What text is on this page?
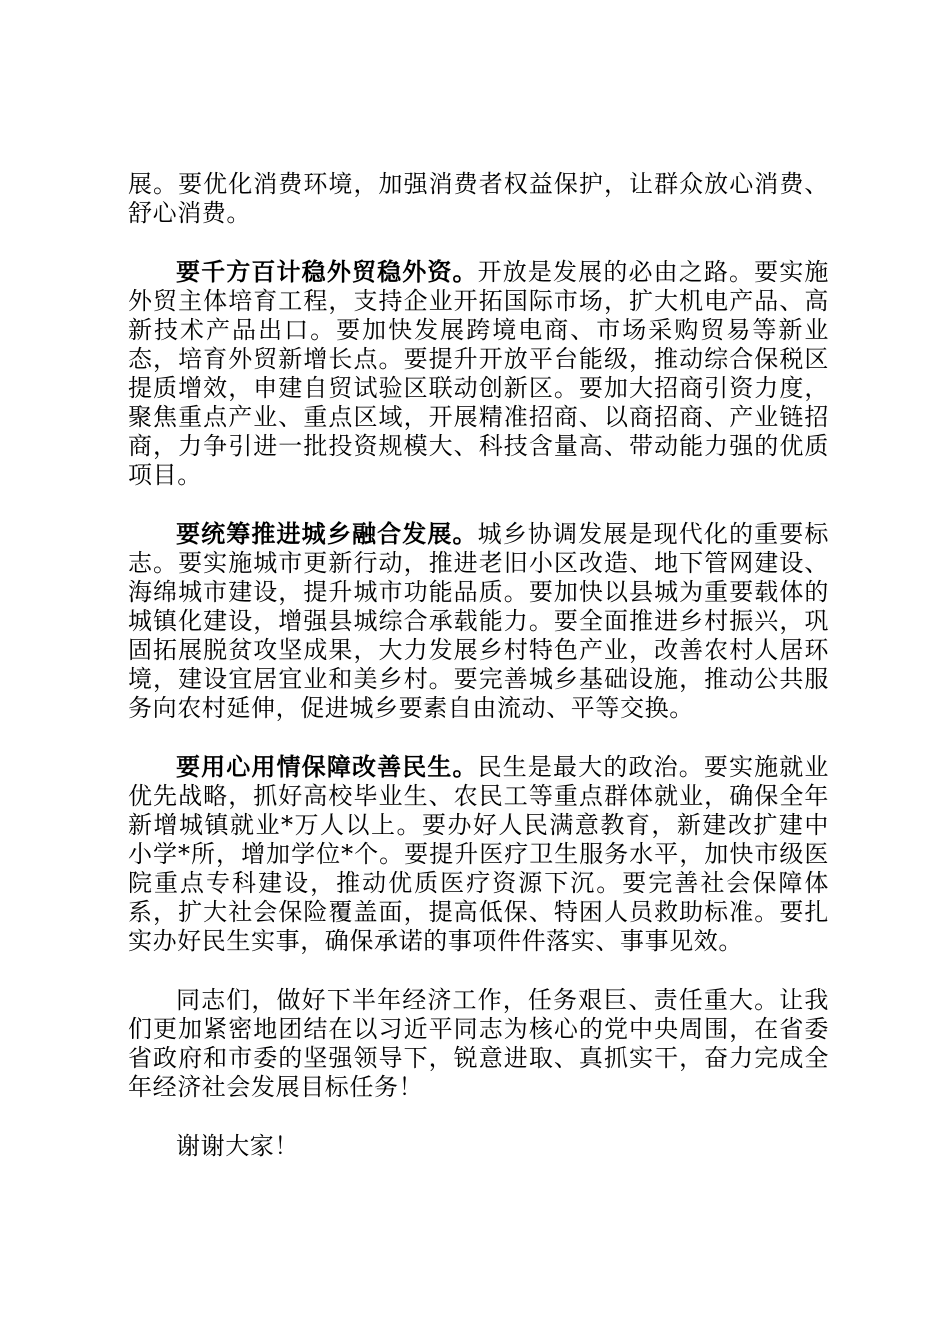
展。要优化消费环境，加强消费者权益保护，让群众放心消费、舒心消费。

要千方百计稳外贸稳外资。开放是发展的必由之路。要实施外贸主体培育工程，支持企业开拓国际市场，扩大机电产品、高新技术产品出口。要加快发展跨境电商、市场采购贸易等新业态，培育外贸新增长点。要提升开放平台能级，推动综合保税区提质增效，申建自贸试验区联动创新区。要加大招商引资力度，聚焦重点产业、重点区域，开展精准招商、以商招商、产业链招商，力争引进一批投资规模大、科技含量高、带动能力强的优质项目。

要统筹推进城乡融合发展。城乡协调发展是现代化的重要标志。要实施城市更新行动，推进老旧小区改造、地下管网建设、海绵城市建设，提升城市功能品质。要加快以县城为重要载体的城镇化建设，增强县城综合承载能力。要全面推进乡村振兴，巩固拓展脱贫攻坚成果，大力发展乡村特色产业，改善农村人居环境，建设宜居宜业和美乡村。要完善城乡基础设施，推动公共服务向农村延伸，促进城乡要素自由流动、平等交换。

要用心用情保障改善民生。民生是最大的政治。要实施就业优先战略，抓好高校毕业生、农民工等重点群体就业，确保全年新增城镇就业*万人以上。要办好人民满意教育，新建改扩建中小学*所，增加学位*个。要提升医疗卫生服务水平，加快市级医院重点专科建设，推动优质医疗资源下沉。要完善社会保障体系，扩大社会保险覆盖面，提高低保、特困人员救助标准。要扎实办好民生实事，确保承诺的事项件件落实、事事见效。

同志们，做好下半年经济工作，任务艰巨、责任重大。让我们更加紧密地团结在以习近平同志为核心的党中央周围，在省委省政府和市委的坚强领导下，锐意进取、真抓实干，奋力完成全年经济社会发展目标任务！

谢谢大家！
